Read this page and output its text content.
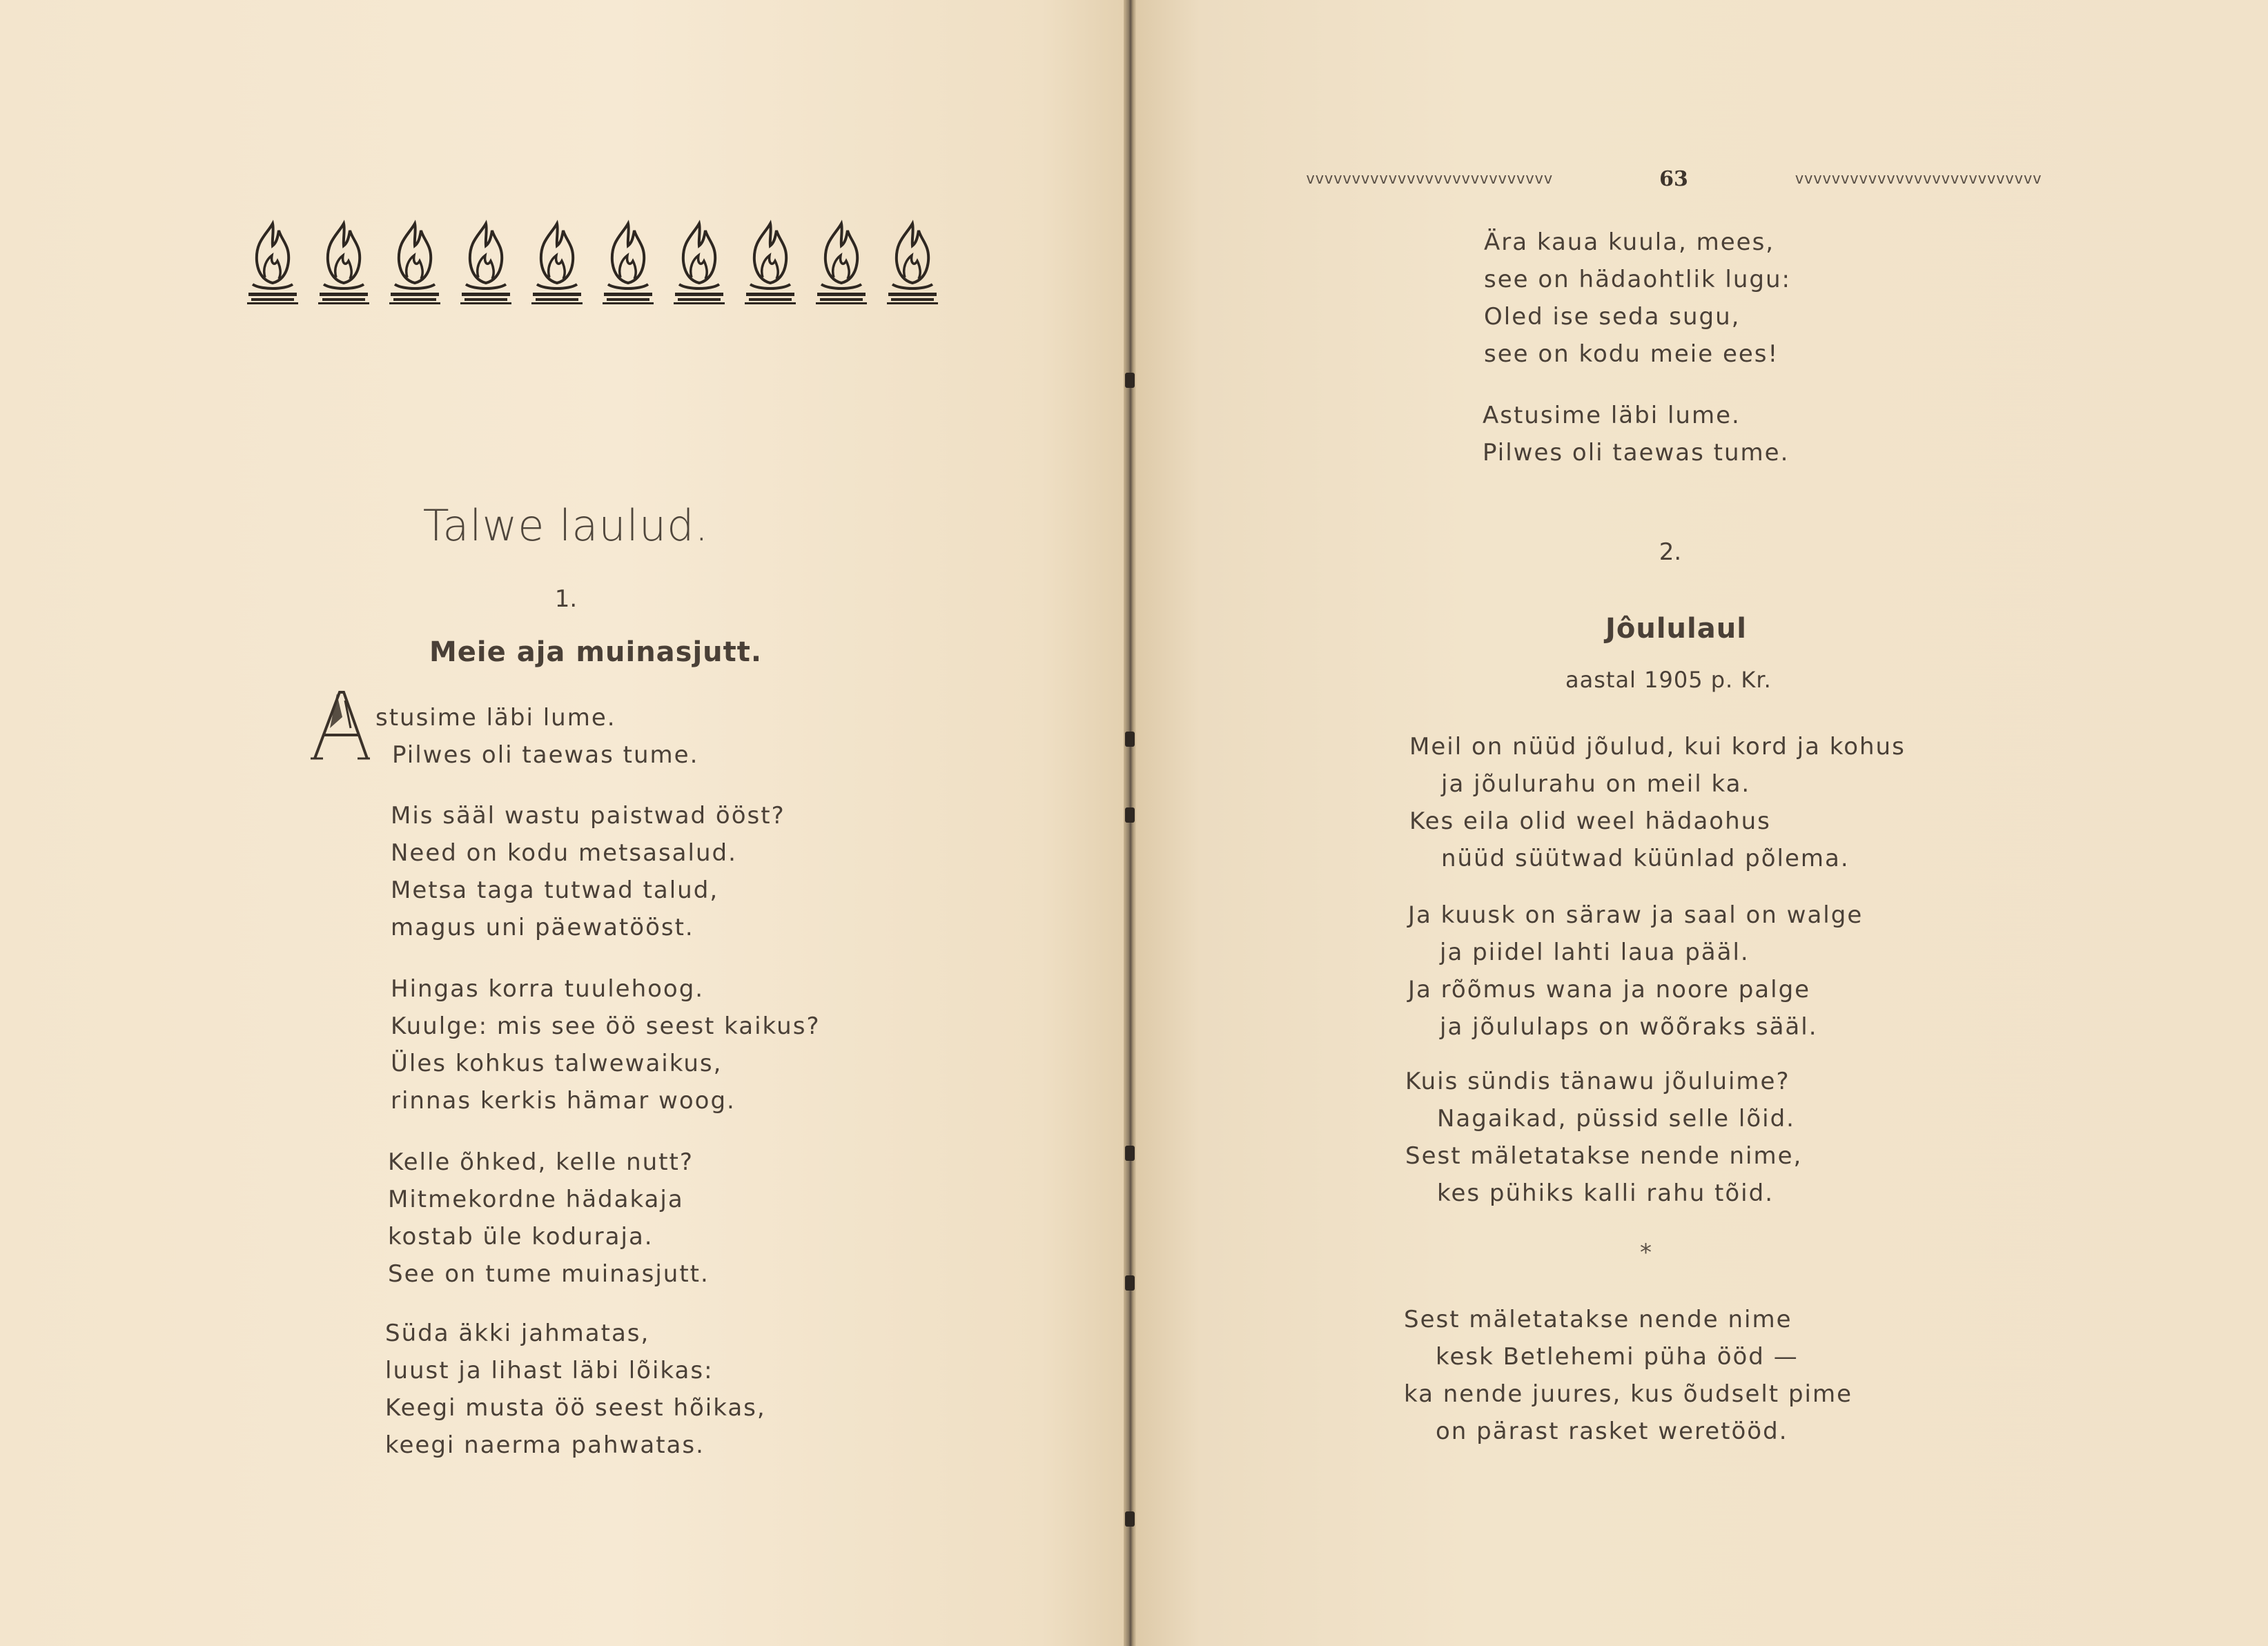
Talwe laulud.
1.
Meie aja muinasjutt.
stusime läbi lume.
Pilwes oli taewas tume.
Mis sääl wastu paistwad ööst?
Need on kodu metsasalud.
Metsa taga tutwad talud,
magus uni päewatööst.
Hingas korra tuulehoog.
Kuulge: mis see öö seest kaikus?
Üles kohkus talwewaikus,
rinnas kerkis hämar woog.
Kelle õhked, kelle nutt?
Mitmekordne hädakaja
kostab üle koduraja.
See on tume muinasjutt.
Süda äkki jahmatas,
luust ja lihast läbi lõikas:
Keegi musta öö seest hõikas,
keegi naerma pahwatas.
vvvvvvvvvvvvvvvvvvvvvvvvvvv	63	vvvvvvvvvvvvvvvvvvvvvvvvvvv
Ära kaua kuula, mees,
see on hädaohtlik lugu:
Oled ise seda sugu,
see on kodu meie ees!
Astusime läbi lume.
Pilwes oli taewas tume.
2.
Jôululaul
aastal 1905 p. Kr.
Meil on nüüd jõulud, kui kord ja kohus
ja jõulurahu on meil ka.
Kes eila olid weel hädaohus
nüüd süütwad küünlad põlema.
Ja kuusk on säraw ja saal on walge
ja piidel lahti laua pääl.
Ja rõõmus wana ja noore palge
ja jõululaps on wõõraks sääl.
Kuis sündis tänawu jõuluime?
Nagaikad, püssid selle lõid.
Sest mäletatakse nende nime,
kes pühiks kalli rahu tõid.
*
Sest mäletatakse nende nime
kesk Betlehemi püha ööd —
ka nende juures, kus õudselt pime
on pärast rasket weretööd.
